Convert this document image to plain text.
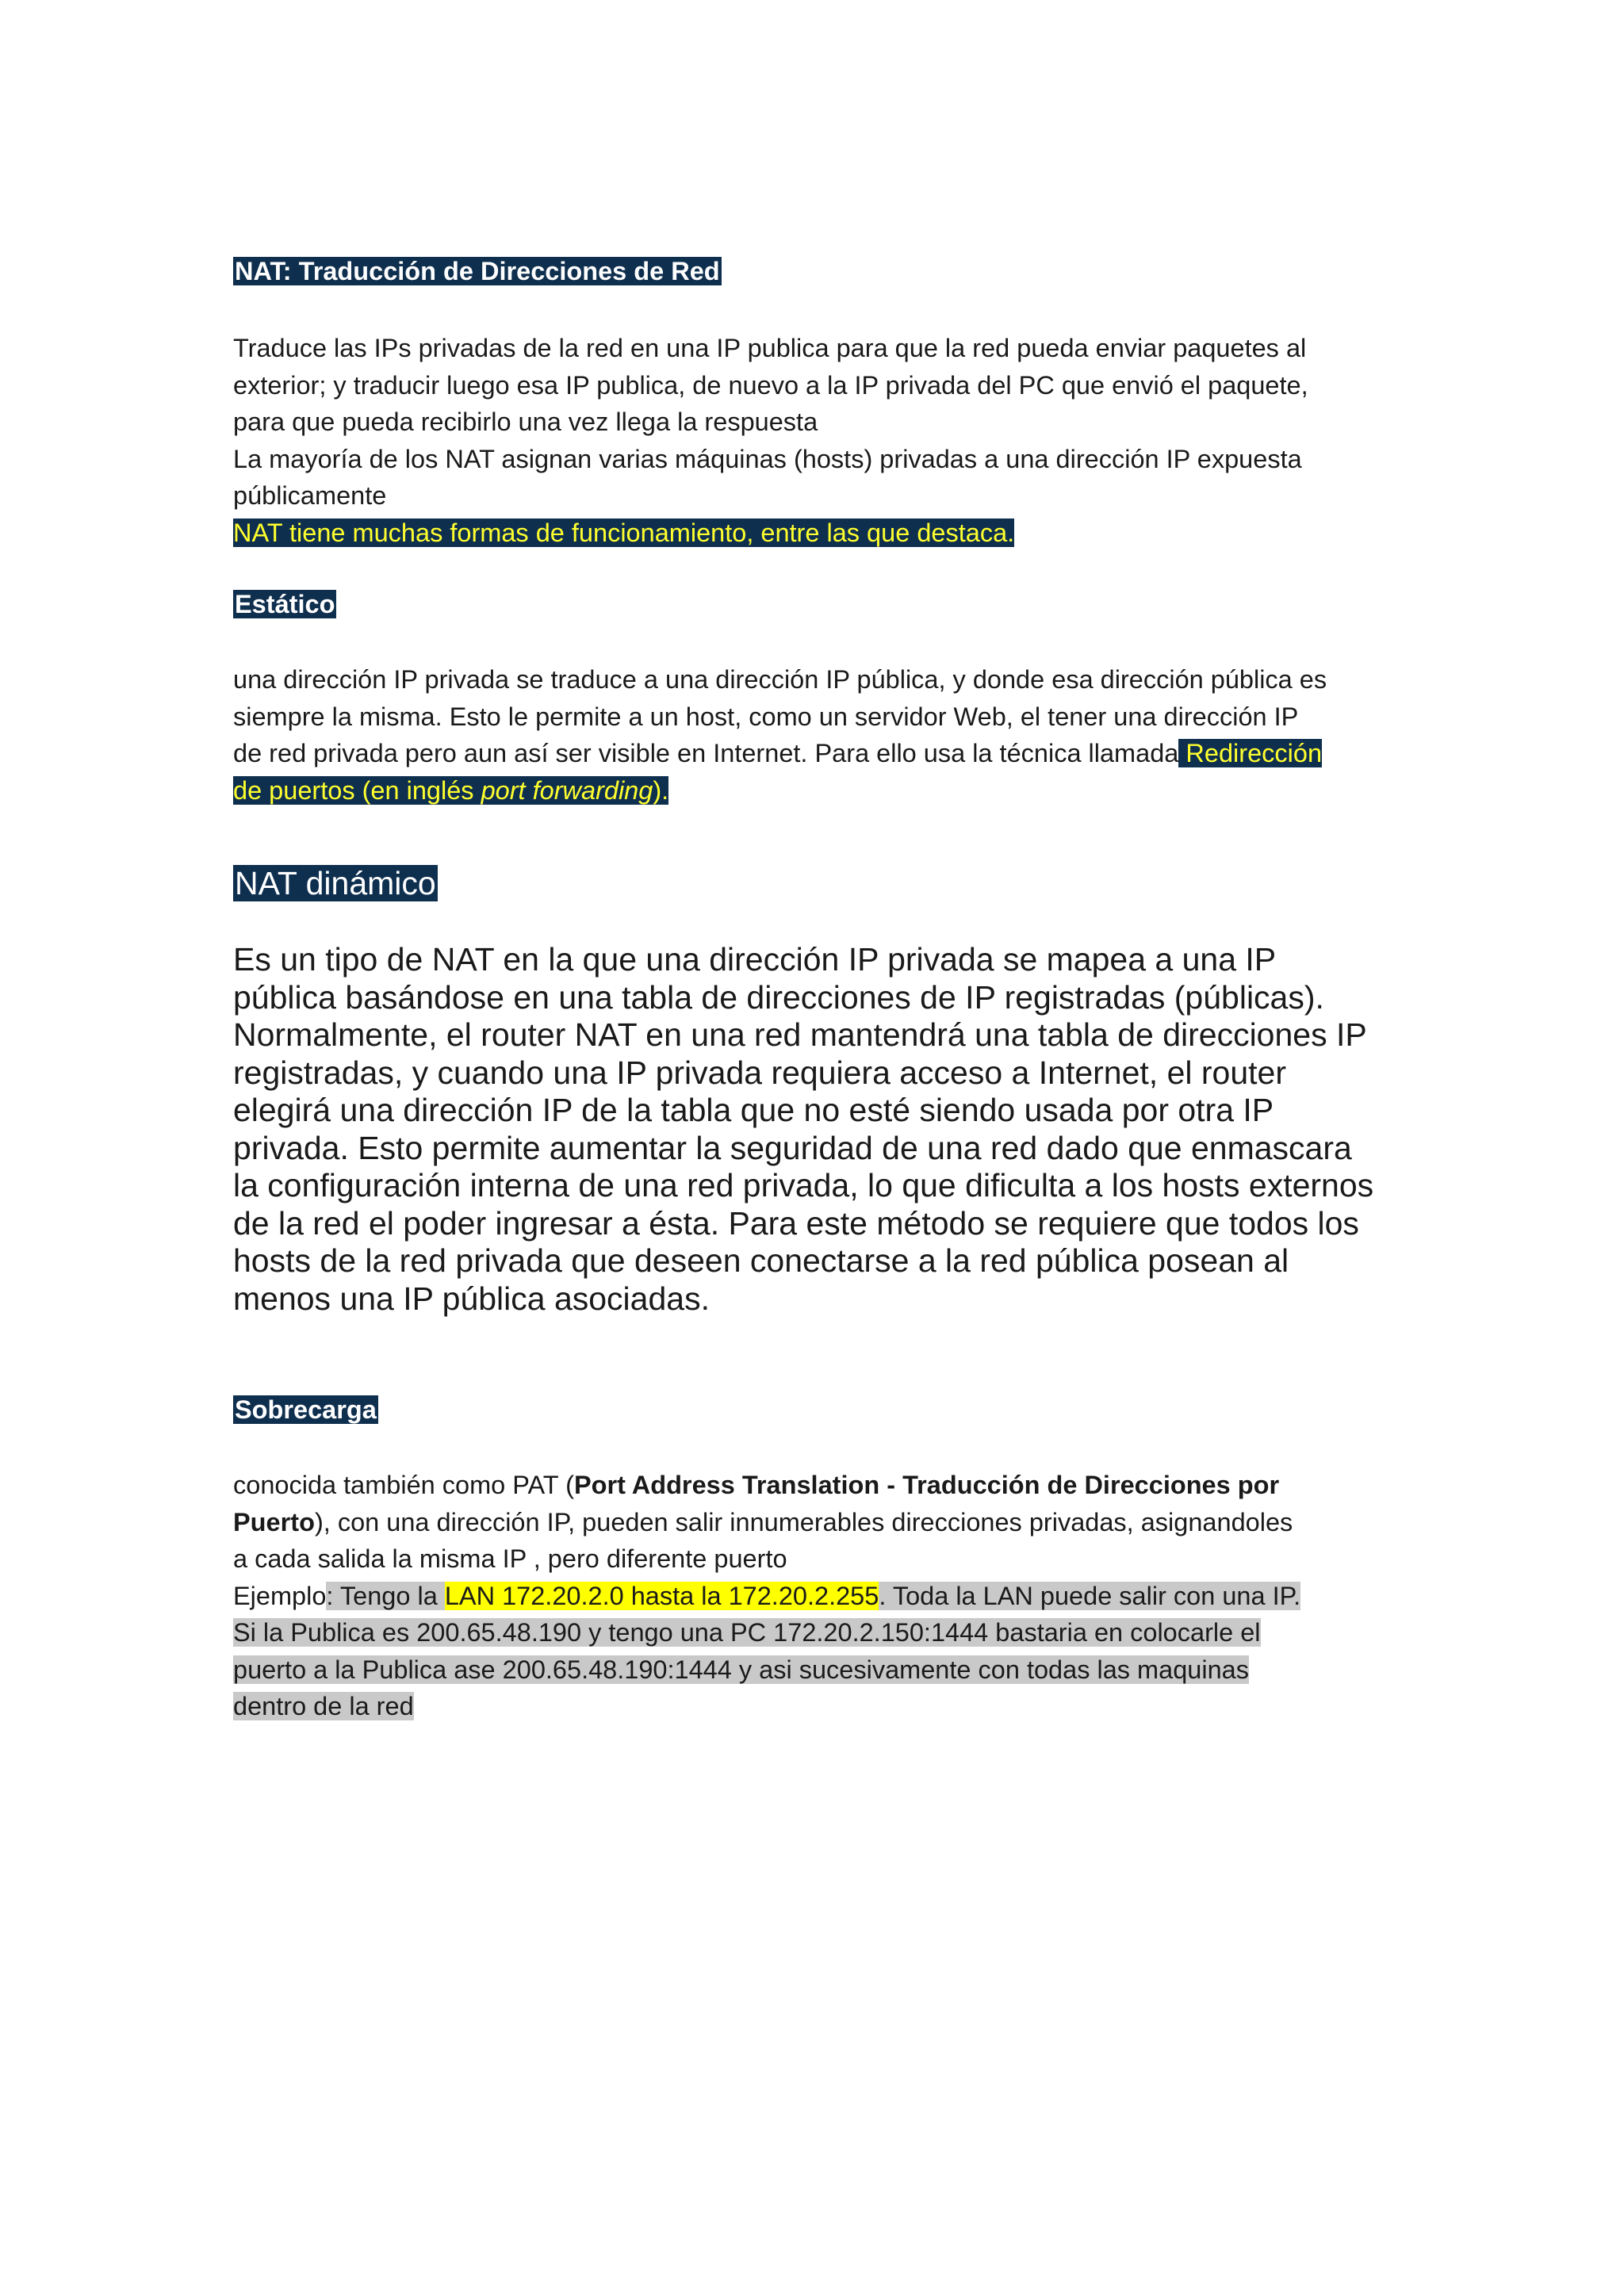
NAT: Traducción de Direcciones de Red

Traduce las IPs privadas de la red en una IP publica para que la red pueda enviar paquetes al

exterior; y traducir luego esa IP publica, de nuevo a la IP privada del PC que envió el paquete,

para que pueda recibirlo una vez llega la respuesta

La mayoría de los NAT asignan varias máquinas (hosts) privadas a una dirección IP expuesta

públicamente

NAT tiene muchas formas de funcionamiento, entre las que destaca.

Estático

una dirección IP privada se traduce a una dirección IP pública, y donde esa dirección pública es

siempre la misma. Esto le permite a un host, como un servidor Web, el tener una dirección IP

de red privada pero aun así ser visible en Internet. Para ello usa la técnica llamada Redirección

de puertos (en inglés port forwarding).

NAT dinámico

Es un tipo de NAT en la que una dirección IP privada se mapea a una IP

pública basándose en una tabla de direcciones de IP registradas (públicas).

Normalmente, el router NAT en una red mantendrá una tabla de direcciones IP

registradas, y cuando una IP privada requiera acceso a Internet, el router

elegirá una dirección IP de la tabla que no esté siendo usada por otra IP

privada. Esto permite aumentar la seguridad de una red dado que enmascara

la configuración interna de una red privada, lo que dificulta a los hosts externos

de la red el poder ingresar a ésta. Para este método se requiere que todos los

hosts de la red privada que deseen conectarse a la red pública posean al

menos una IP pública asociadas.

Sobrecarga

conocida también como PAT (Port Address Translation - Traducción de Direcciones por

Puerto), con una dirección IP, pueden salir innumerables direcciones privadas, asignandoles

a cada salida la misma IP , pero diferente puerto

Ejemplo: Tengo la LAN 172.20.2.0 hasta la 172.20.2.255. Toda la LAN puede salir con una IP.

Si la Publica es 200.65.48.190 y tengo una PC 172.20.2.150:1444 bastaria en colocarle el

puerto a la Publica ase 200.65.48.190:1444 y asi sucesivamente con todas las maquinas

dentro de la red
